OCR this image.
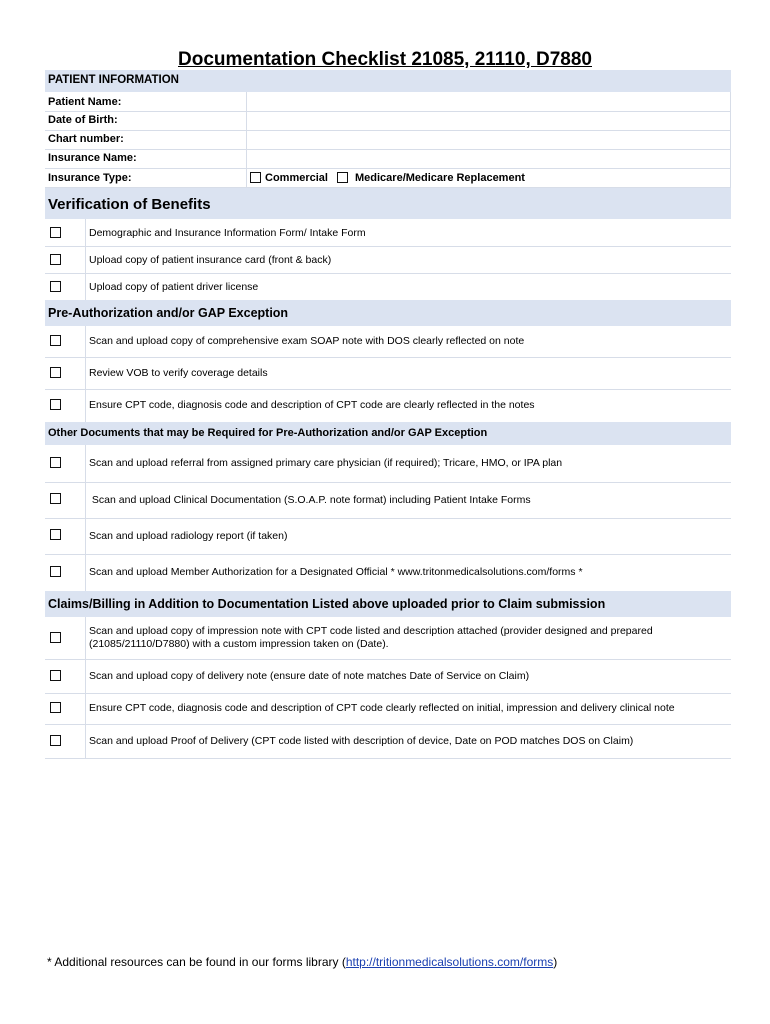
Documentation Checklist 21085, 21110, D7880
PATIENT INFORMATION
Patient Name:
Date of Birth:
Chart number:
Insurance Name:
Insurance Type:	Commercial Medicare/Medicare Replacement
Verification of Benefits
Demographic and Insurance Information Form/ Intake Form
Upload copy of patient insurance card (front & back)
Upload copy of patient driver license
Pre-Authorization and/or GAP Exception
Scan and upload copy of comprehensive exam SOAP note with DOS clearly reflected on note
Review VOB to verify coverage details
Ensure CPT code, diagnosis code and description of CPT code are clearly reflected in the notes
Other Documents that may be Required for Pre-Authorization and/or GAP Exception
Scan and upload referral from assigned primary care physician (if required); Tricare, HMO, or IPA plan
Scan and upload Clinical Documentation (S.O.A.P. note format) including Patient Intake Forms
Scan and upload radiology report (if taken)
Scan and upload Member Authorization for a Designated Official * www.tritonmedicalsolutions.com/forms *
Claims/Billing in Addition to Documentation Listed above uploaded prior to Claim submission
Scan and upload copy of impression note with CPT code listed and description attached (provider designed and prepared (21085/21110/D7880) with a custom impression taken on (Date).
Scan and upload copy of delivery note (ensure date of note matches Date of Service on Claim)
Ensure CPT code, diagnosis code and description of CPT code clearly reflected on initial, impression and delivery clinical note
Scan and upload Proof of Delivery (CPT code listed with description of device, Date on POD matches DOS on Claim)
* Additional resources can be found in our forms library (http://tritionmedicalsolutions.com/forms)
